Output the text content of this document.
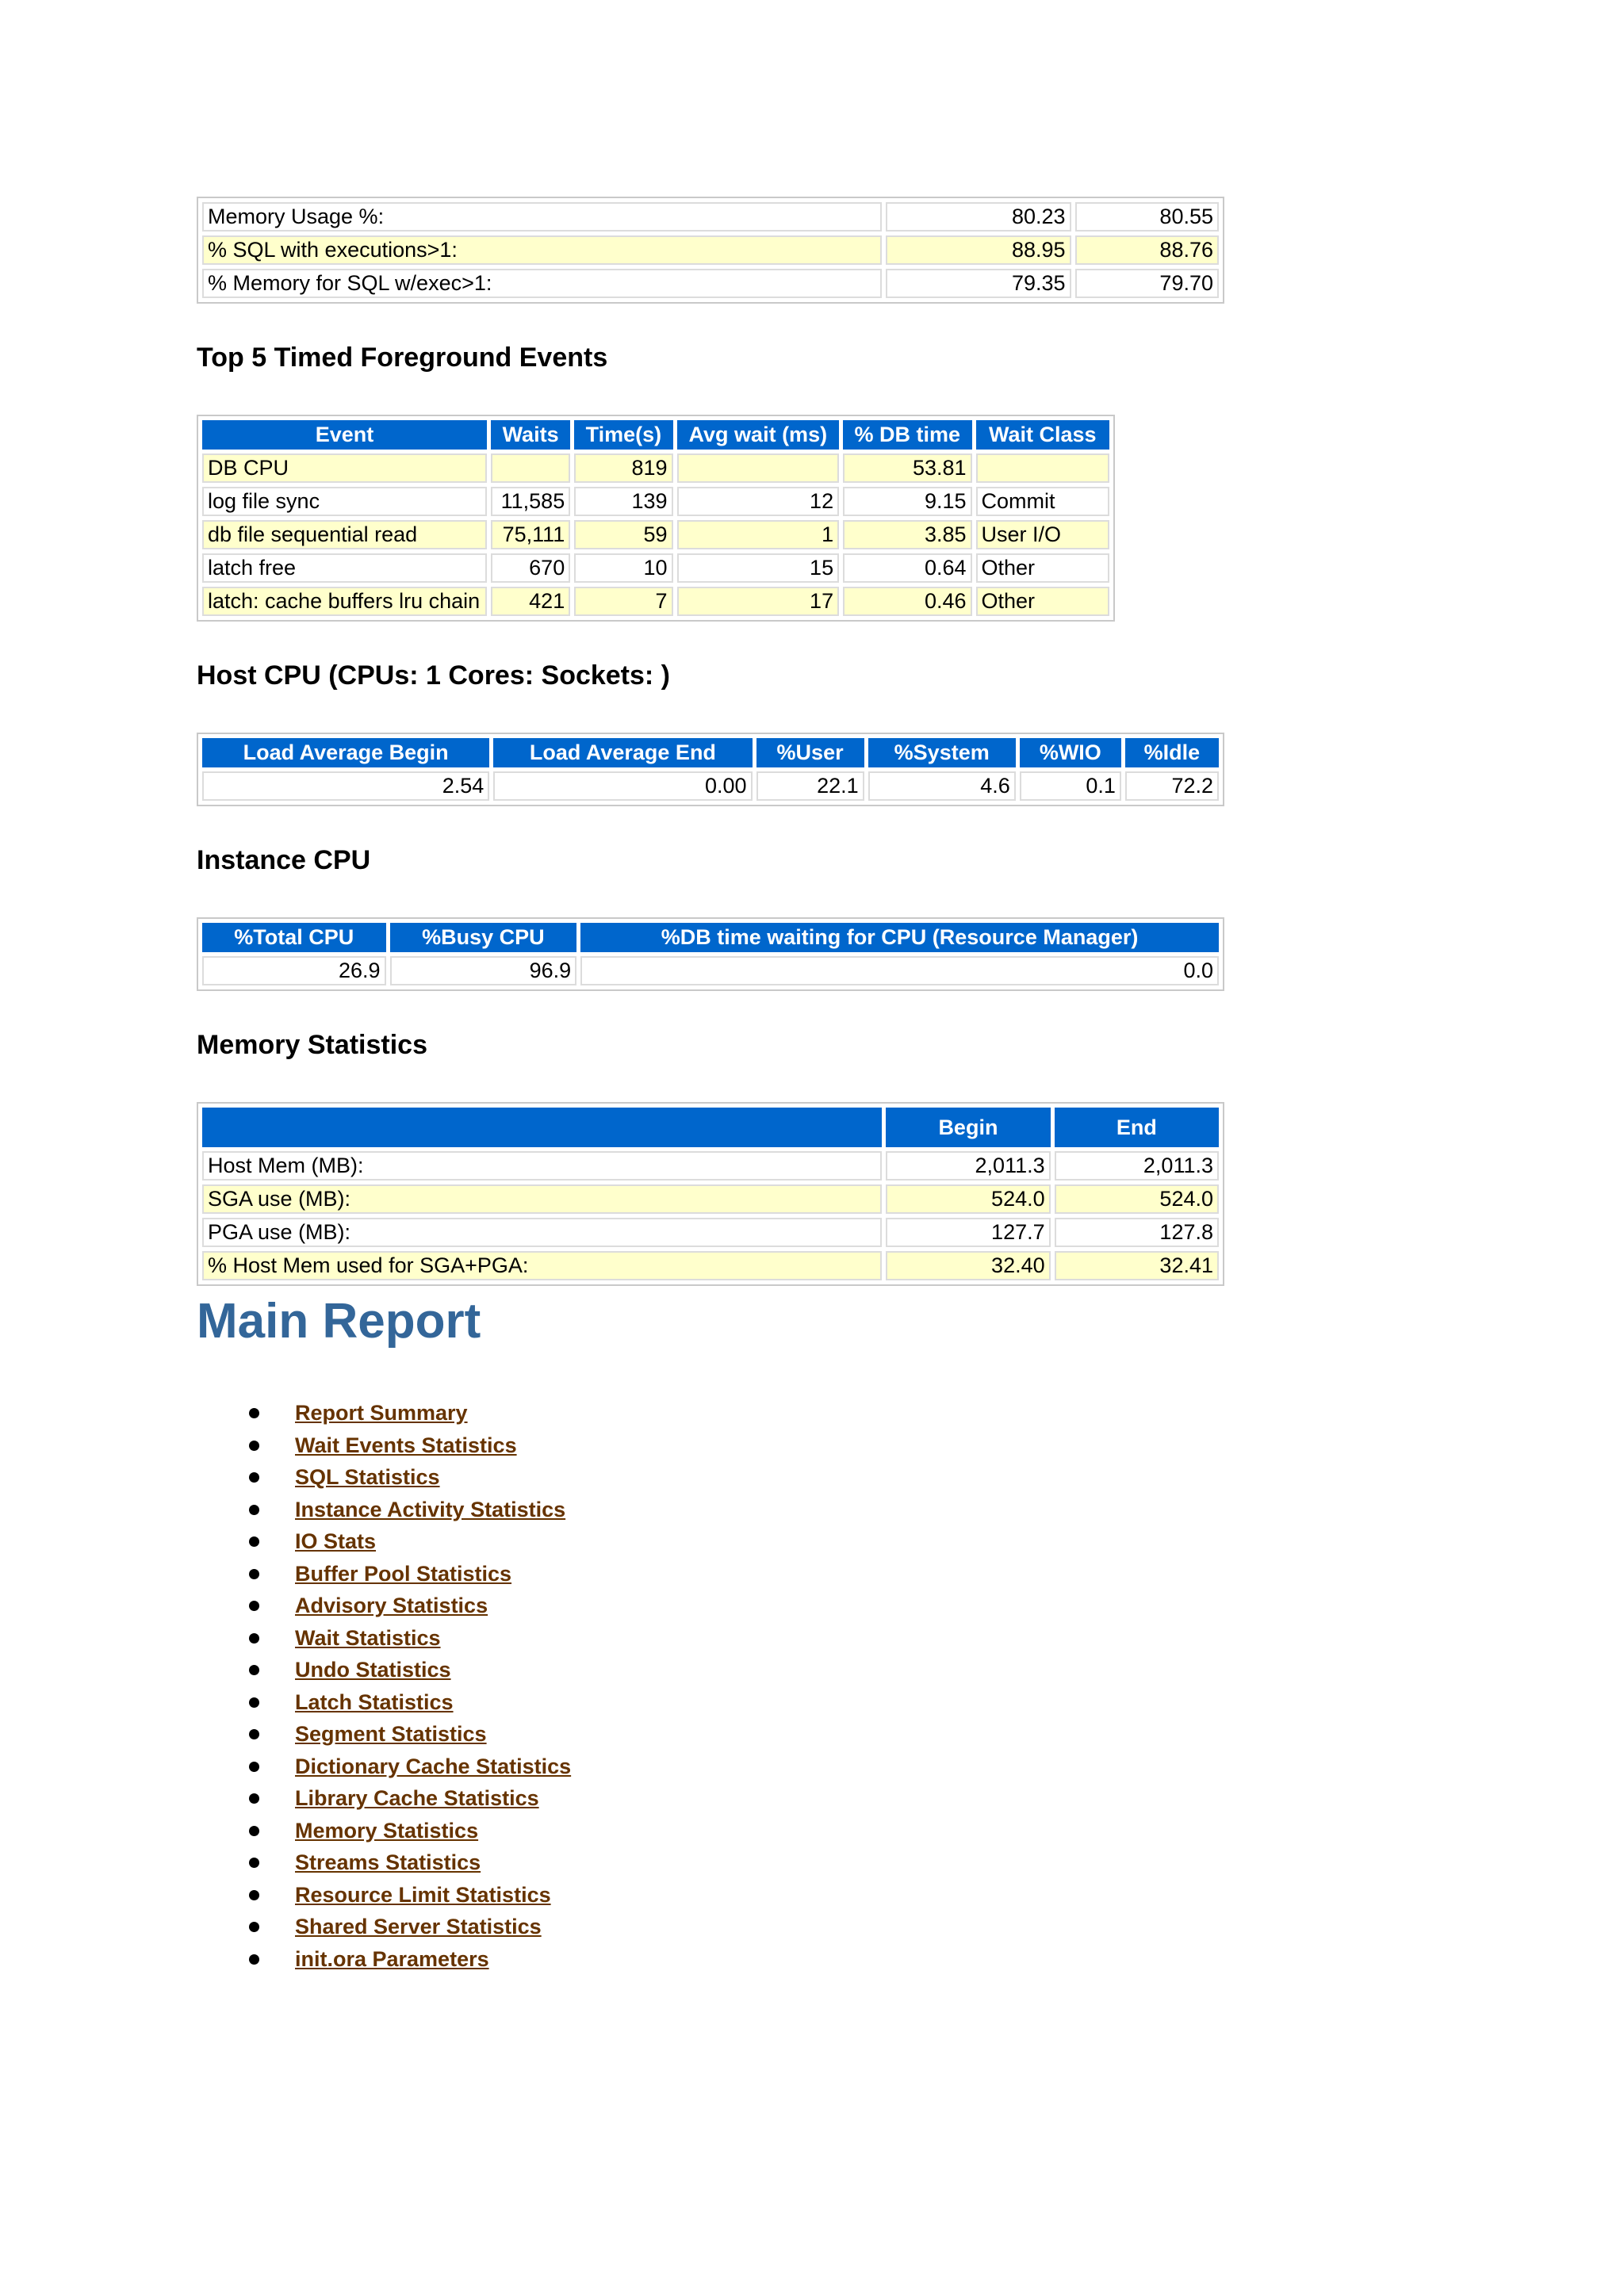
Memory Usage %:	80.23	80.55
% SQL with executions>1:	88.95	88.76
% Memory for SQL w/exec>1:	79.35	79.70
Top 5 Timed Foreground Events
Event	Waits	Time(s)	Avg wait (ms)	% DB time	Wait Class
DB CPU		819		53.81	
log file sync	11,585	139	12	9.15	Commit
db file sequential read	75,111	59	1	3.85	User I/O
latch free	670	10	15	0.64	Other
latch: cache buffers lru chain	421	7	17	0.46	Other
Host CPU (CPUs: 1 Cores: Sockets: )
Load Average Begin	Load Average End	%User	%System	%WIO	%Idle
2.54	0.00	22.1	4.6	0.1	72.2
Instance CPU
%Total CPU	%Busy CPU	%DB time waiting for CPU (Resource Manager)
26.9	96.9	0.0
Memory Statistics
	Begin	End
Host Mem (MB):	2,011.3	2,011.3
SGA use (MB):	524.0	524.0
PGA use (MB):	127.7	127.8
% Host Mem used for SGA+PGA:	32.40	32.41
Main Report
Report Summary
Wait Events Statistics
SQL Statistics
Instance Activity Statistics
IO Stats
Buffer Pool Statistics
Advisory Statistics
Wait Statistics
Undo Statistics
Latch Statistics
Segment Statistics
Dictionary Cache Statistics
Library Cache Statistics
Memory Statistics
Streams Statistics
Resource Limit Statistics
Shared Server Statistics
init.ora Parameters
